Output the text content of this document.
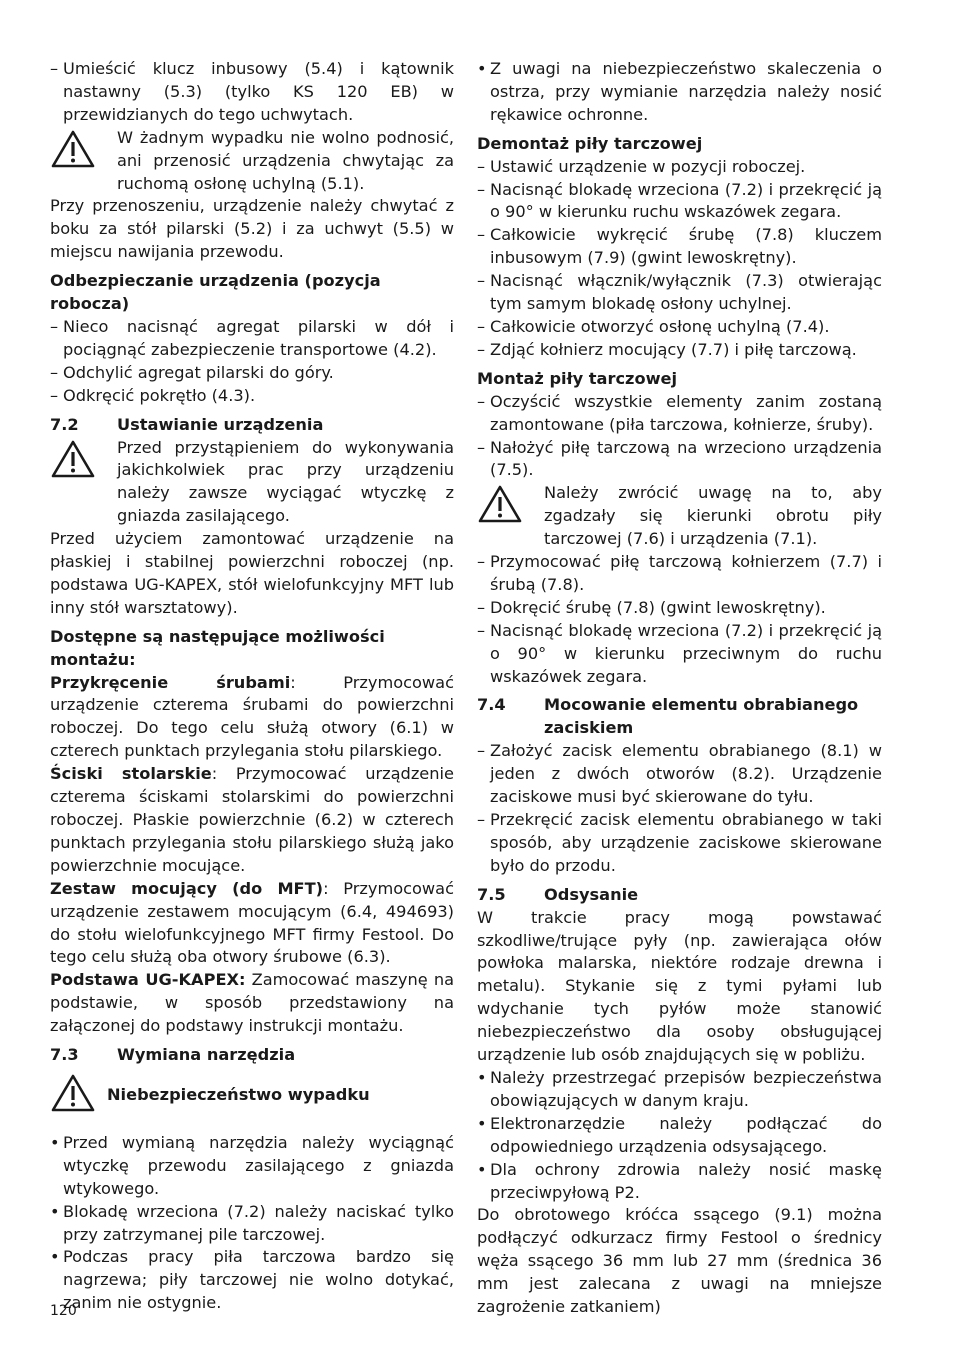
– Umieścić klucz inbusowy (5.4) i kątownik nastawny (5.3) (tylko KS 120 EB) w przewidzianych do tego uchwytach.
W żadnym wypadku nie wolno podnosić, ani przenosić urządzenia chwytając za ruchomą osłonę uchylną (5.1).

Przy przenoszeniu, urządzenie należy chwytać z boku za stół pilarski (5.2) i za uchwyt (5.5) w miejscu nawijania przewodu.

Odbezpieczanie urządzenia (pozycja robocza)
– Nieco nacisnąć agregat pilarski w dół i pociągnąć zabezpieczenie transportowe (4.2).
– Odchylić agregat pilarski do góry.
– Odkręcić pokrętło (4.3).
7.2	Ustawianie urządzenia
Przed przystąpieniem do wykonywania jakichkolwiek prac przy urządzeniu należy zawsze wyciągać wtyczkę z gniazda zasilającego.

Przed użyciem zamontować urządzenie na płaskiej i stabilnej powierzchni roboczej (np. podstawa UG-KAPEX, stół wielofunkcyjny MFT lub inny stół warsztatowy).

Dostępne są następujące możliwości montażu:

Przykręcenie śrubami: Przymocować urządzenie czterema śrubami do powierzchni roboczej. Do tego celu służą otwory (6.1) w czterech punktach przylegania stołu pilarskiego.

Ściski stolarskie: Przymocować urządzenie czterema ściskami stolarskimi do powierzchni roboczej. Płaskie powierzchnie (6.2) w czterech punktach przylegania stołu pilarskiego służą jako powierzchnie mocujące.

Zestaw mocujący (do MFT): Przymocować urządzenie zestawem mocującym (6.4, 494693) do stołu wielofunkcyjnego MFT firmy Festool. Do tego celu służą oba otwory śrubowe (6.3).

Podstawa UG-KAPEX: Zamocować maszynę na podstawie, w sposób przedstawiony na załączonej do podstawy instrukcji montażu.

7.3	Wymiana narzędzia
Niebezpieczeństwo wypadku
• Przed wymianą narzędzia należy wyciągnąć wtyczkę przewodu zasilającego z gniazda wtykowego.
• Blokadę wrzeciona (7.2) należy naciskać tylko przy zatrzymanej pile tarczowej.
• Podczas pracy piła tarczowa bardzo się nagrzewa; piły tarczowej nie wolno dotykać, zanim nie ostygnie.
• Z uwagi na niebezpieczeństwo skaleczenia o ostrza, przy wymianie narzędzia należy nosić rękawice ochronne.
Demontaż piły tarczowej
– Ustawić urządzenie w pozycji roboczej.
– Nacisnąć blokadę wrzeciona (7.2) i przekręcić ją o 90° w kierunku ruchu wskazówek zegara.
– Całkowicie wykręcić śrubę (7.8) kluczem inbusowym (7.9) (gwint lewoskrętny).
– Nacisnąć włącznik/wyłącznik (7.3) otwierając tym samym blokadę osłony uchylnej.
– Całkowicie otworzyć osłonę uchylną (7.4).
– Zdjąć kołnierz mocujący (7.7) i piłę tarczową.
Montaż piły tarczowej
– Oczyścić wszystkie elementy zanim zostaną zamontowane (piła tarczowa, kołnierze, śruby).
– Nałożyć piłę tarczową na wrzeciono urządzenia (7.5).
Należy zwrócić uwagę na to, aby zgadzały się kierunki obrotu piły tarczowej (7.6) i urządzenia (7.1).
– Przymocować piłę tarczową kołnierzem (7.7) i śrubą (7.8).
– Dokręcić śrubę (7.8) (gwint lewoskrętny).
– Nacisnąć blokadę wrzeciona (7.2) i przekręcić ją o 90° w kierunku przeciwnym do ruchu wskazówek zegara.
7.4	Mocowanie elementu obrabianego zaciskiem
– Założyć zacisk elementu obrabianego (8.1) w jeden z dwóch otworów (8.2). Urządzenie zaciskowe musi być skierowane do tyłu.
– Przekręcić zacisk elementu obrabianego w taki sposób, aby urządzenie zaciskowe skierowane było do przodu.
7.5	Odsysanie

W trakcie pracy mogą powstawać szkodliwe/trujące pyły (np. zawierająca ołów powłoka malarska, niektóre rodzaje drewna i metalu). Stykanie się z tymi pyłami lub wdychanie tych pyłów może stanowić niebezpieczeństwo dla osoby obsługującej urządzenie lub osób znajdujących się w pobliżu.

• Należy przestrzegać przepisów bezpieczeństwa obowiązujących w danym kraju.
• Elektronarzędzie należy podłączać do odpowiedniego urządzenia odsysającego.
• Dla ochrony zdrowia należy nosić maskę przeciwpyłową P2.

Do obrotowego króćca ssącego (9.1) można podłączyć odkurzacz firmy Festool o średnicy węża ssącego 36 mm lub 27 mm (średnica 36 mm jest zalecana z uwagi na mniejsze zagrożenie zatkaniem)

120
